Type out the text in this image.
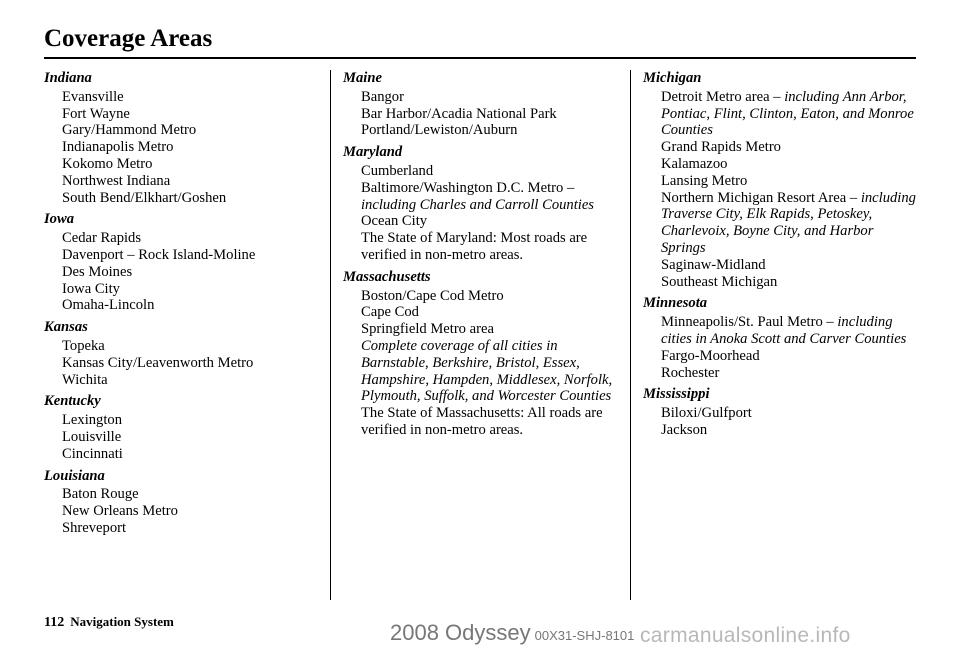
Coverage Areas
Indiana
Evansville
Fort Wayne
Gary/Hammond Metro
Indianapolis Metro
Kokomo Metro
Northwest Indiana
South Bend/Elkhart/Goshen
Iowa
Cedar Rapids
Davenport – Rock Island-Moline
Des Moines
Iowa City
Omaha-Lincoln
Kansas
Topeka
Kansas City/Leavenworth Metro
Wichita
Kentucky
Lexington
Louisville
Cincinnati
Louisiana
Baton Rouge
New Orleans Metro
Shreveport
Maine
Bangor
Bar Harbor/Acadia National Park
Portland/Lewiston/Auburn
Maryland
Cumberland
Baltimore/Washington D.C. Metro – including Charles and Carroll Counties
Ocean City
The State of Maryland: Most roads are verified in non-metro areas.
Massachusetts
Boston/Cape Cod Metro
Cape Cod
Springfield Metro area
Complete coverage of all cities in Barnstable, Berkshire, Bristol, Essex, Hampshire, Hampden, Middlesex, Norfolk, Plymouth, Suffolk, and Worcester Counties
The State of Massachusetts: All roads are verified in non-metro areas.
Michigan
Detroit Metro area – including Ann Arbor, Pontiac, Flint, Clinton, Eaton, and Monroe Counties
Grand Rapids Metro
Kalamazoo
Lansing Metro
Northern Michigan Resort Area – including Traverse City, Elk Rapids, Petoskey, Charlevoix, Boyne City, and Harbor Springs
Saginaw-Midland
Southeast Michigan
Minnesota
Minneapolis/St. Paul Metro – including cities in Anoka Scott and Carver Counties
Fargo-Moorhead
Rochester
Mississippi
Biloxi/Gulfport
Jackson
112 Navigation System	2008 Odyssey 00X31-SHJ-8101 carmanualsonline.info
